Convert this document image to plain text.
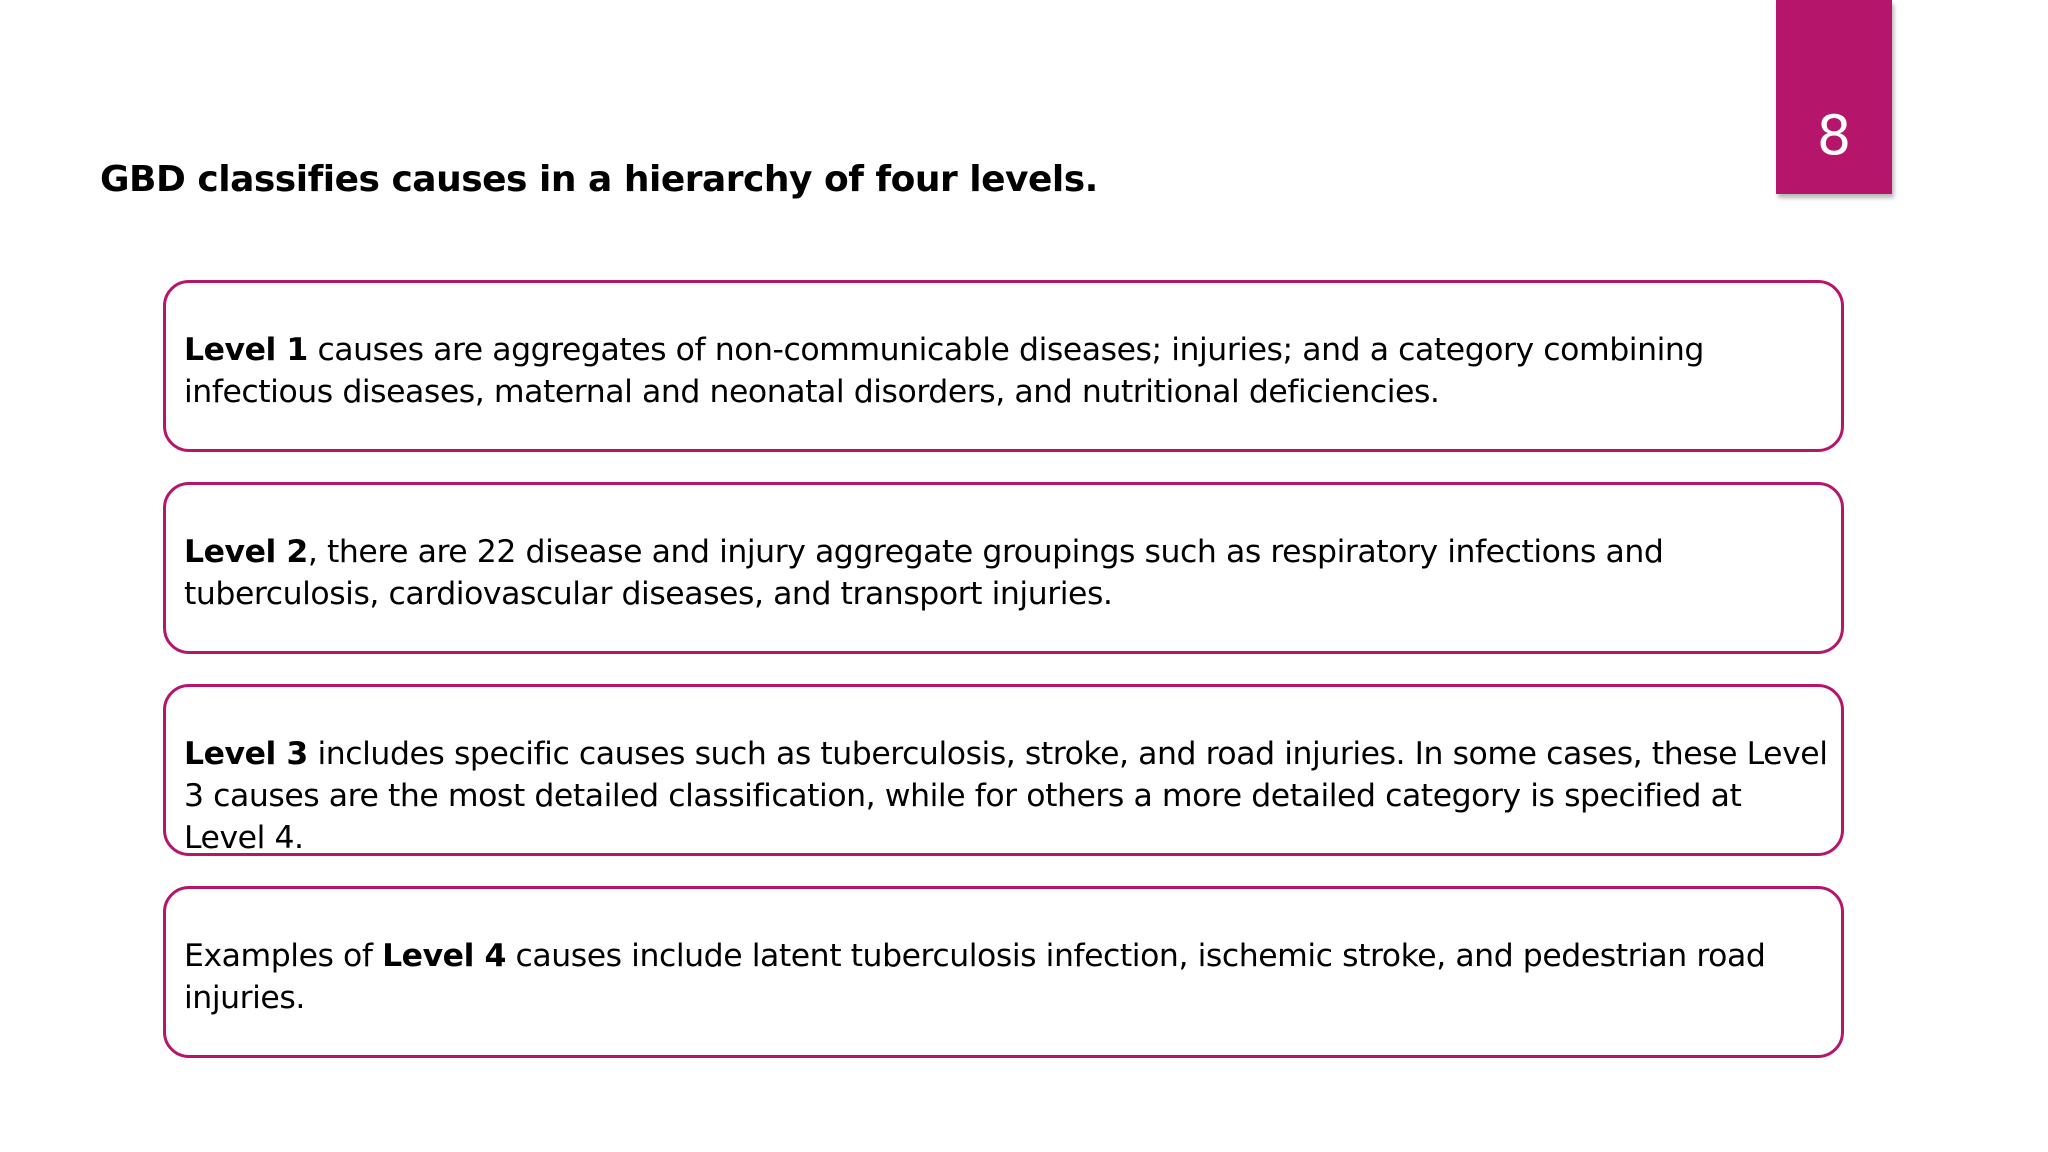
8
GBD classifies causes in a hierarchy of four levels.

Level 1 causes are aggregates of non-communicable diseases; injuries; and a category combining infectious diseases, maternal and neonatal disorders, and nutritional deficiencies.

Level 2, there are 22 disease and injury aggregate groupings such as respiratory infections and tuberculosis, cardiovascular diseases, and transport injuries.

Level 3 includes specific causes such as tuberculosis, stroke, and road injuries. In some cases, these Level 3 causes are the most detailed classification, while for others a more detailed category is specified at Level 4.

Examples of Level 4 causes include latent tuberculosis infection, ischemic stroke, and pedestrian road injuries.
